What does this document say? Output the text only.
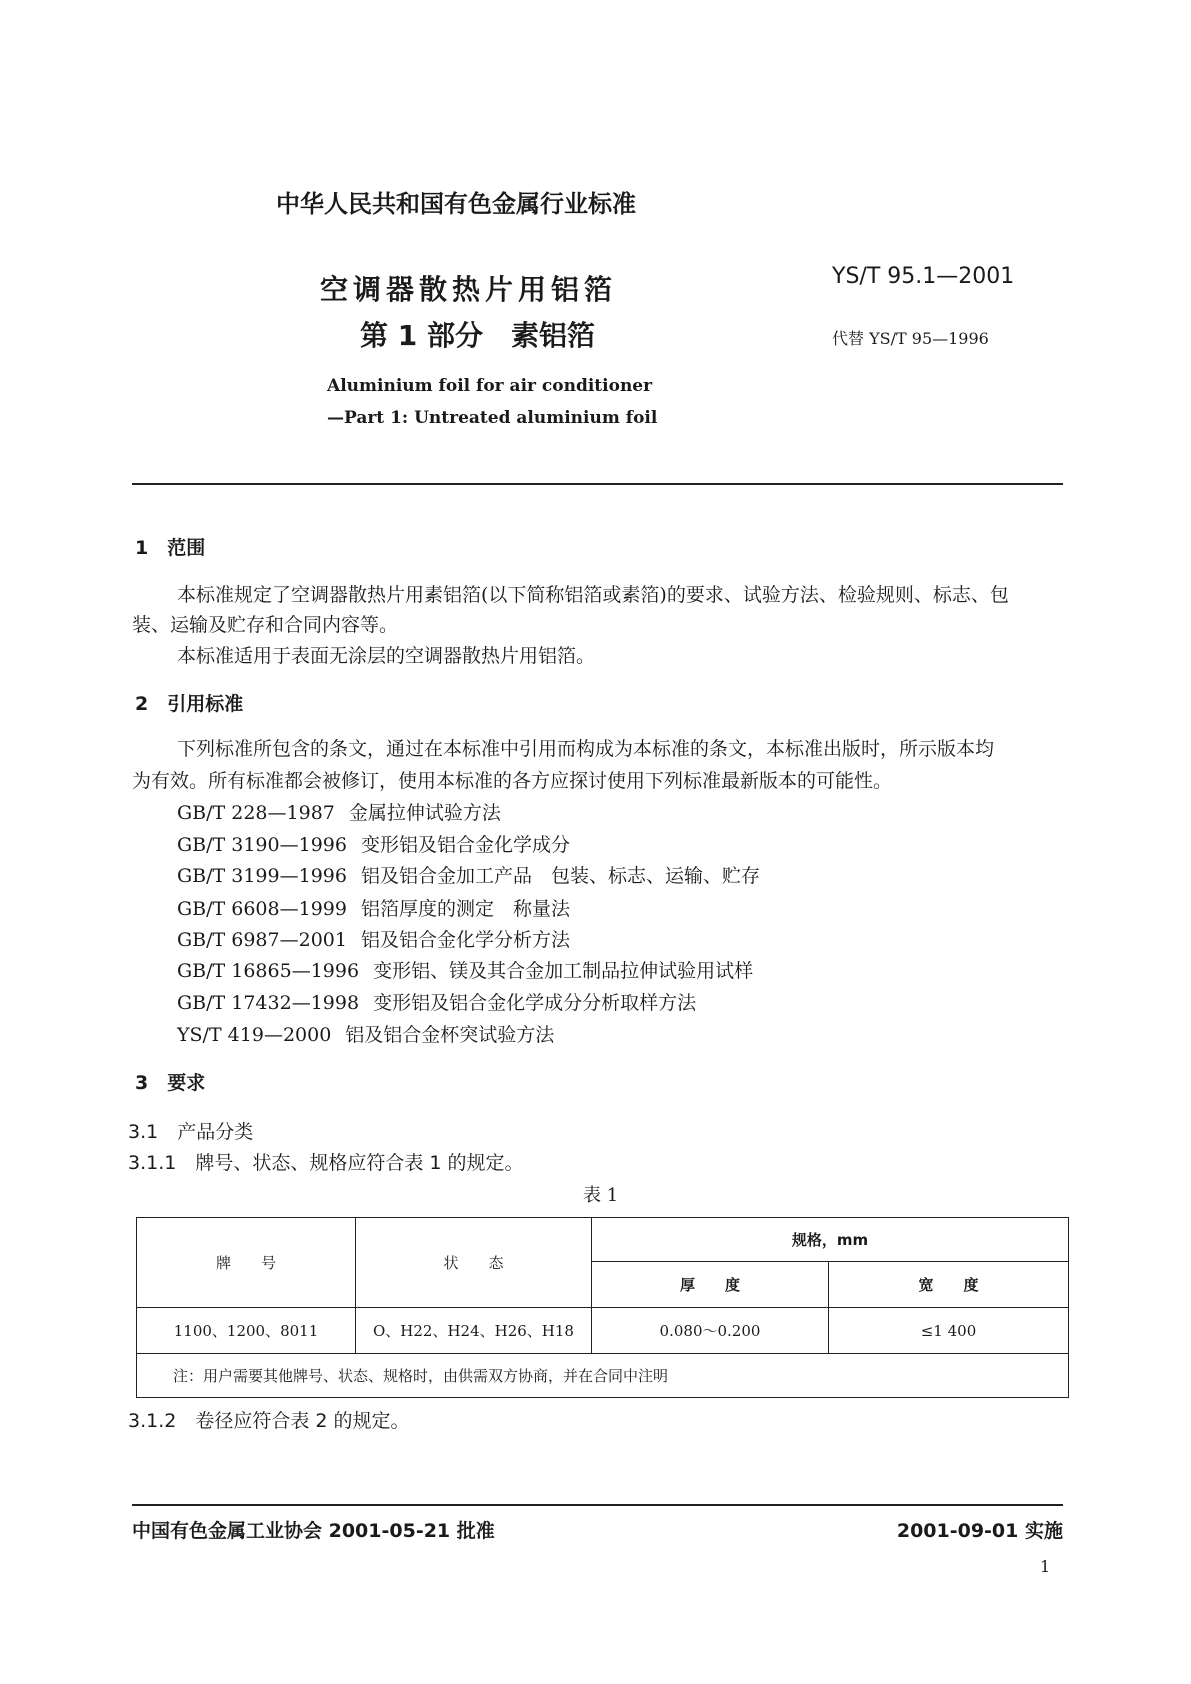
中华人民共和国有色金属行业标准
空调器散热片用铝箔
第 1 部分　素铝箔
YS/T 95.1—2001
代替 YS/T 95—1996
Aluminium foil for air conditioner
—Part 1: Untreated aluminium foil
1　范围
本标准规定了空调器散热片用素铝箔(以下简称铝箔或素箔)的要求、试验方法、检验规则、标志、包
装、运输及贮存和合同内容等。
本标准适用于表面无涂层的空调器散热片用铝箔。
2　引用标准
下列标准所包含的条文，通过在本标准中引用而构成为本标准的条文，本标准出版时，所示版本均
为有效。所有标准都会被修订，使用本标准的各方应探讨使用下列标准最新版本的可能性。
GB/T 228—1987 金属拉伸试验方法
GB/T 3190—1996 变形铝及铝合金化学成分
GB/T 3199—1996 铝及铝合金加工产品　包装、标志、运输、贮存
GB/T 6608—1999 铝箔厚度的测定　称量法
GB/T 6987—2001 铝及铝合金化学分析方法
GB/T 16865—1996 变形铝、镁及其合金加工制品拉伸试验用试样
GB/T 17432—1998 变形铝及铝合金化学成分分析取样方法
YS/T 419—2000 铝及铝合金杯突试验方法
3　要求
3.1　产品分类
3.1.1　牌号、状态、规格应符合表 1 的规定。
表 1
牌　　号	状　　态	规格，mm	
		厚　　度	宽　　度
1100、1200、8011	O、H22、H24、H26、H18	0.080～0.200	≤1 400
注：用户需要其他牌号、状态、规格时，由供需双方协商，并在合同中注明			
3.1.2　卷径应符合表 2 的规定。
中国有色金属工业协会 2001-05-21 批准	2001-09-01 实施
1
